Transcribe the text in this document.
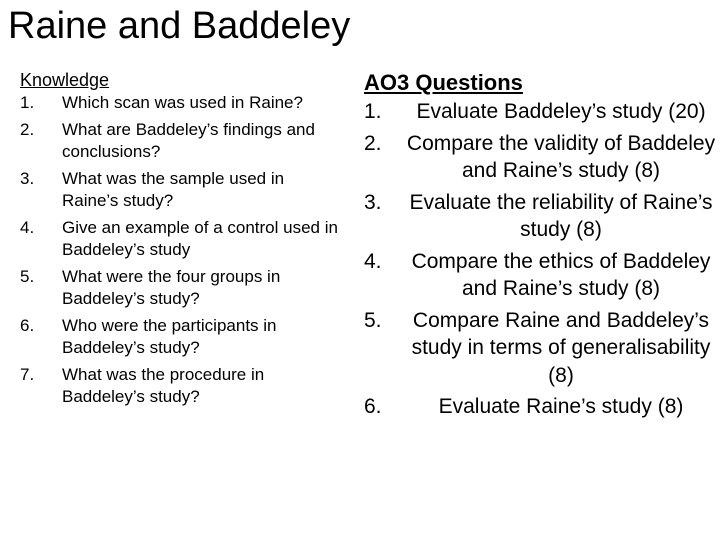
Raine and Baddeley
Knowledge
1.	Which scan was used in Raine?
2.	What are Baddeley’s findings and conclusions?
3.	What was the sample used in Raine’s study?
4.	Give an example of a control used in Baddeley’s study
5.	What were the four groups in Baddeley’s study?
6.	Who were the participants in Baddeley’s study?
7.	What was the procedure in Baddeley’s study?
AO3 Questions
1.	Evaluate Baddeley’s study (20)
2.	Compare the validity of Baddeley and Raine’s study (8)
3.	Evaluate the reliability of Raine’s study (8)
4.	Compare the ethics of Baddeley and Raine’s study (8)
5.	Compare Raine and Baddeley’s study in terms of generalisability (8)
6.	Evaluate Raine’s study (8)
